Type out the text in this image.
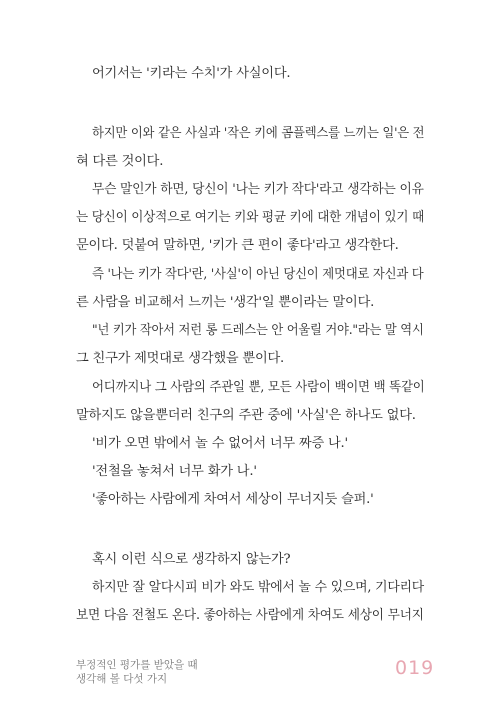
어기서는 '키라는 수치'가 사실이다.
하지만 이와 같은 사실과 '작은 키에 콤플렉스를 느끼는 일'은 전
혀 다른 것이다.
무슨 말인가 하면, 당신이 '나는 키가 작다'라고 생각하는 이유
는 당신이 이상적으로 여기는 키와 평균 키에 대한 개념이 있기 때
문이다. 덧붙여 말하면, '키가 큰 편이 좋다'라고 생각한다.
즉 '나는 키가 작다'란, '사실'이 아닌 당신이 제멋대로 자신과 다
른 사람을 비교해서 느끼는 '생각'일 뿐이라는 말이다.
"넌 키가 작아서 저런 롱 드레스는 안 어울릴 거야."라는 말 역시
그 친구가 제멋대로 생각했을 뿐이다.
어디까지나 그 사람의 주관일 뿐, 모든 사람이 백이면 백 똑같이
말하지도 않을뿐더러 친구의 주관 중에 '사실'은 하나도 없다.
'비가 오면 밖에서 놀 수 없어서 너무 짜증 나.'
'전철을 놓쳐서 너무 화가 나.'
'좋아하는 사람에게 차여서 세상이 무너지듯 슬퍼.'
혹시 이런 식으로 생각하지 않는가?
하지만 잘 알다시피 비가 와도 밖에서 놀 수 있으며, 기다리다
보면 다음 전철도 온다. 좋아하는 사람에게 차여도 세상이 무너지
부정적인 평가를 받았을 때
생각해 볼 다섯 가지	019
